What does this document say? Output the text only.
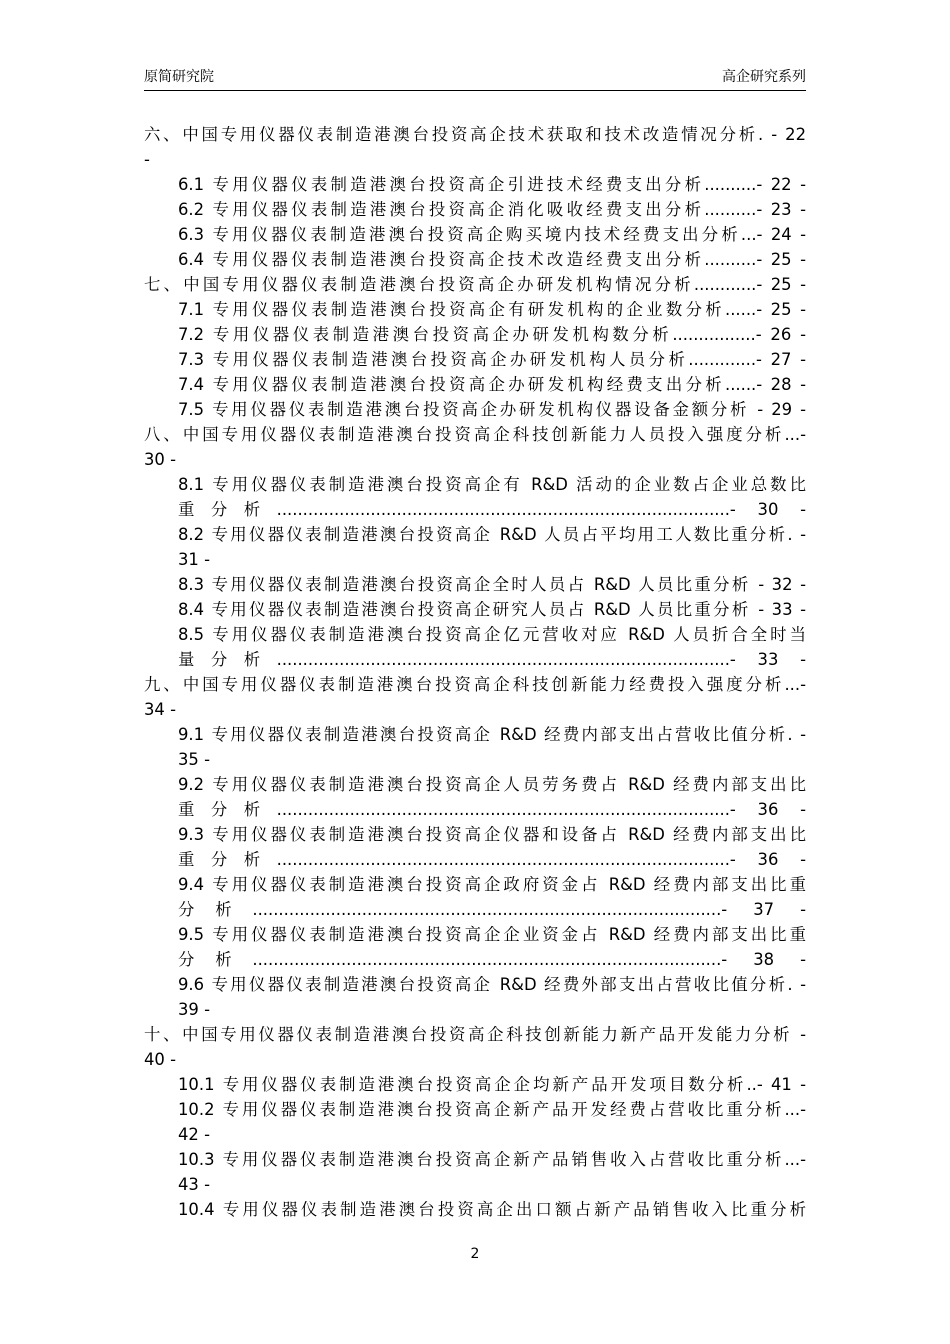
原简研究院	高企研究系列
六、中国专用仪器仪表制造港澳台投资高企技术获取和技术改造情况分析. - 22
-
6.1 专用仪器仪表制造港澳台投资高企引进技术经费支出分析..........- 22 -
6.2 专用仪器仪表制造港澳台投资高企消化吸收经费支出分析..........- 23 -
6.3 专用仪器仪表制造港澳台投资高企购买境内技术经费支出分析...- 24 -
6.4 专用仪器仪表制造港澳台投资高企技术改造经费支出分析..........- 25 -
七、中国专用仪器仪表制造港澳台投资高企办研发机构情况分析............- 25 -
7.1 专用仪器仪表制造港澳台投资高企有研发机构的企业数分析......- 25 -
7.2 专用仪器仪表制造港澳台投资高企办研发机构数分析................- 26 -
7.3 专用仪器仪表制造港澳台投资高企办研发机构人员分析.............- 27 -
7.4 专用仪器仪表制造港澳台投资高企办研发机构经费支出分析......- 28 -
7.5 专用仪器仪表制造港澳台投资高企办研发机构仪器设备金额分析 - 29 -
八、中国专用仪器仪表制造港澳台投资高企科技创新能力人员投入强度分析...-
30 -
8.1 专用仪器仪表制造港澳台投资高企有 R&D 活动的企业数占企业总数比
重分析.......................................................................................- 30 -
8.2 专用仪器仪表制造港澳台投资高企 R&D 人员占平均用工人数比重分析. -
31 -
8.3 专用仪器仪表制造港澳台投资高企全时人员占 R&D 人员比重分析 - 32 -
8.4 专用仪器仪表制造港澳台投资高企研究人员占 R&D 人员比重分析 - 33 -
8.5 专用仪器仪表制造港澳台投资高企亿元营收对应 R&D 人员折合全时当
量分析.......................................................................................- 33 -
九、中国专用仪器仪表制造港澳台投资高企科技创新能力经费投入强度分析...-
34 -
9.1 专用仪器仪表制造港澳台投资高企 R&D 经费内部支出占营收比值分析. -
35 -
9.2 专用仪器仪表制造港澳台投资高企人员劳务费占 R&D 经费内部支出比
重分析.......................................................................................- 36 -
9.3 专用仪器仪表制造港澳台投资高企仪器和设备占 R&D 经费内部支出比
重分析.......................................................................................- 36 -
9.4 专用仪器仪表制造港澳台投资高企政府资金占 R&D 经费内部支出比重
分析..........................................................................................- 37 -
9.5 专用仪器仪表制造港澳台投资高企企业资金占 R&D 经费内部支出比重
分析..........................................................................................- 38 -
9.6 专用仪器仪表制造港澳台投资高企 R&D 经费外部支出占营收比值分析. -
39 -
十、中国专用仪器仪表制造港澳台投资高企科技创新能力新产品开发能力分析 -
40 -
10.1 专用仪器仪表制造港澳台投资高企企均新产品开发项目数分析..- 41 -
10.2 专用仪器仪表制造港澳台投资高企新产品开发经费占营收比重分析...-
42 -
10.3 专用仪器仪表制造港澳台投资高企新产品销售收入占营收比重分析...-
43 -
10.4 专用仪器仪表制造港澳台投资高企出口额占新产品销售收入比重分析
2
